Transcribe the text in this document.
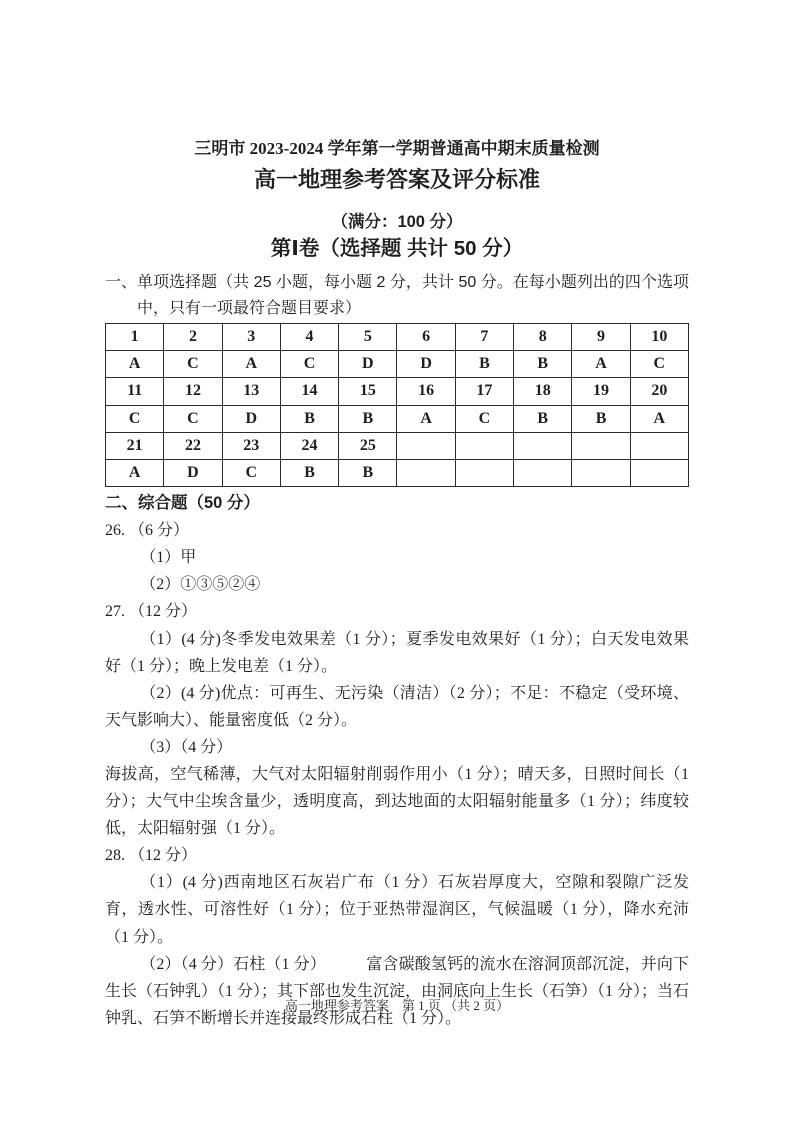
三明市 2023-2024 学年第一学期普通高中期末质量检测
高一地理参考答案及评分标准
（满分：100 分）
第Ⅰ卷（选择题 共计 50 分）

一、单项选择题（共 25 小题，每小题 2 分，共计 50 分。在每小题列出的四个选项中，只有一项最符合题目要求）

1	2	3	4	5	6	7	8	9	10
A	C	A	C	D	D	B	B	A	C
11	12	13	14	15	16	17	18	19	20
C	C	D	B	B	A	C	B	B	A
21	22	23	24	25					
A	D	C	B	B					
二、综合题（50 分）

26. （6 分）

（1）甲

（2）①③⑤②④

27. （12 分）

（1）(4 分)冬季发电效果差（1 分）；夏季发电效果好（1 分）；白天发电效果好（1 分）；晚上发电差（1 分）。

（2）(4 分)优点：可再生、无污染（清洁）（2 分）；不足：不稳定（受环境、天气影响大）、能量密度低（2 分）。

（3）（4 分）

海拔高，空气稀薄，大气对太阳辐射削弱作用小（1 分）；晴天多，日照时间长（1 分）；大气中尘埃含量少，透明度高，到达地面的太阳辐射能量多（1 分）；纬度较低，太阳辐射强（1 分）。

28. （12 分）

（1）(4 分)西南地区石灰岩广布（1 分）石灰岩厚度大，空隙和裂隙广泛发育，透水性、可溶性好（1 分）；位于亚热带湿润区，气候温暖（1 分），降水充沛（1 分）。

（2）（4 分）石柱（1 分）　　　富含碳酸氢钙的流水在溶洞顶部沉淀，并向下生长（石钟乳）（1 分）；其下部也发生沉淀，由洞底向上生长（石笋）（1 分）；当石钟乳、石笋不断增长并连接最终形成石柱（1 分）。

高一地理参考答案　第 1 页 （共 2 页）
